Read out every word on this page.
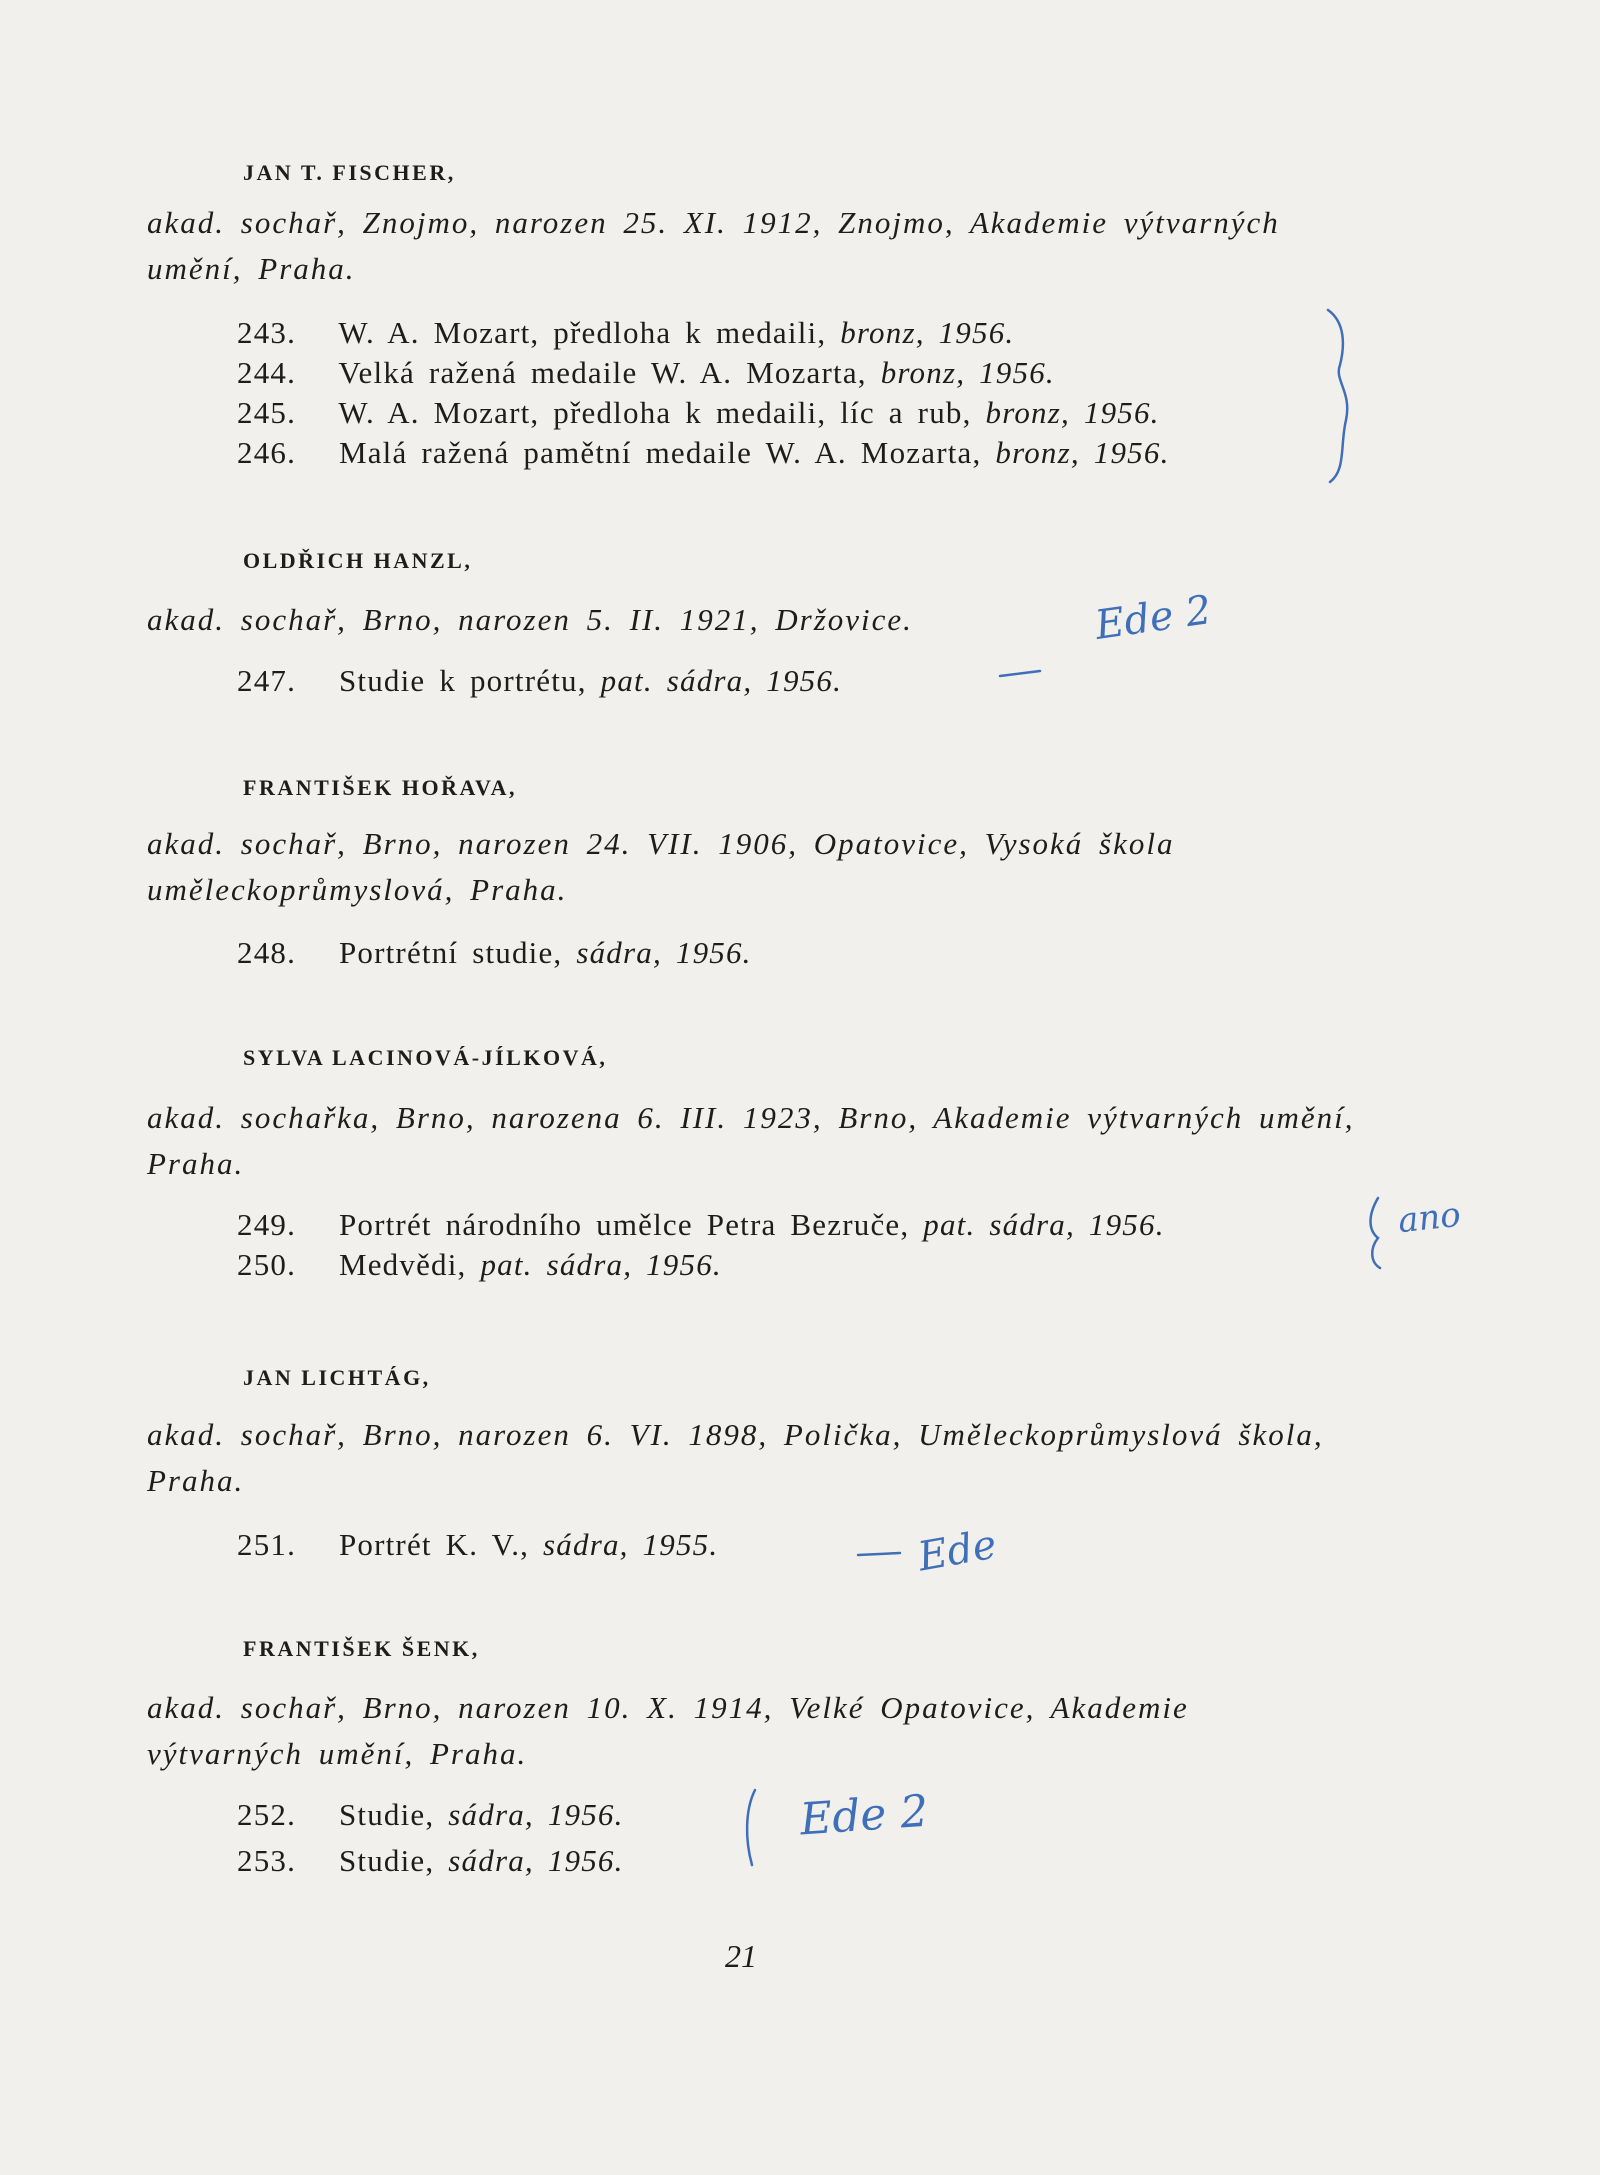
JAN T. FISCHER,
akad. sochař, Znojmo, narozen 25. XI. 1912, Znojmo, Akademie výtvarných umění, Praha.
243. W. A. Mozart, předloha k medaili, bronz, 1956.
244. Velká ražená medaile W. A. Mozarta, bronz, 1956.
245. W. A. Mozart, předloha k medaili, líc a rub, bronz, 1956.
246. Malá ražená pamětní medaile W. A. Mozarta, bronz, 1956.
OLDŘICH HANZL,
akad. sochař, Brno, narozen 5. II. 1921, Držovice.
247. Studie k portrétu, pat. sádra, 1956.
FRANTIŠEK HOŘAVA,
akad. sochař, Brno, narozen 24. VII. 1906, Opatovice, Vysoká škola uměleckoprůmyslová, Praha.
248. Portrétní studie, sádra, 1956.
SYLVA LACINOVÁ-JÍLKOVÁ,
akad. sochařka, Brno, narozena 6. III. 1923, Brno, Akademie výtvarných umění, Praha.
249. Portrét národního umělce Petra Bezruče, pat. sádra, 1956.
250. Medvědi, pat. sádra, 1956.
JAN LICHTÁG,
akad. sochař, Brno, narozen 6. VI. 1898, Polička, Uměleckoprůmyslová škola, Praha.
251. Portrét K. V., sádra, 1955.
FRANTIŠEK ŠENK,
akad. sochař, Brno, narozen 10. X. 1914, Velké Opatovice, Akademie výtvarných umění, Praha.
252. Studie, sádra, 1956.
253. Studie, sádra, 1956.
21
Ede 2
ano
Ede
Ede 2
